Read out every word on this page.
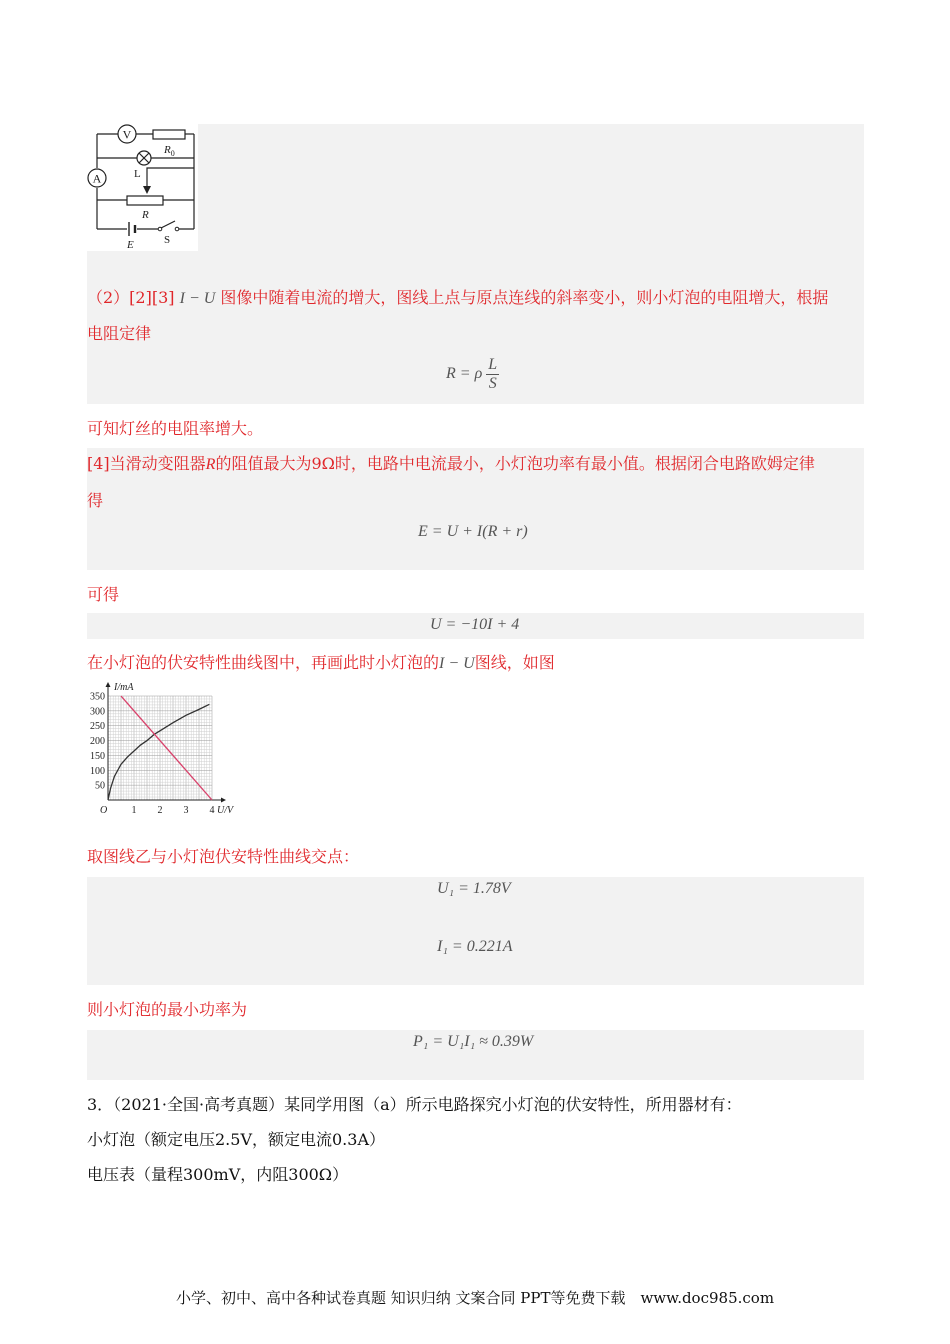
V
$R_0$
L
A
R
E	S
（2）[2][3] I − U 图像中随着电流的增大，图线上点与原点连线的斜率变小，则小灯泡的电阻增大，根据
电阻定律
R = ρ $\frac{L}{S}$
可知灯丝的电阻率增大。
[4]当滑动变阻器R的阻值最大为9Ω时，电路中电流最小，小灯泡功率有最小值。根据闭合电路欧姆定律
得
E = U + I(R + r)
可得
U = −10I + 4
在小灯泡的伏安特性曲线图中，再画此时小灯泡的I − U图线，如图
1 2 3 4
50
100
150
200
250
300
350
O	U/V
I/mA
取图线乙与小灯泡伏安特性曲线交点：
U₁ = 1.78V
I₁ = 0.221A
则小灯泡的最小功率为
P₁ = U₁I₁ ≈ 0.39W
3．（2021·全国·高考真题）某同学用图（a）所示电路探究小灯泡的伏安特性，所用器材有：
小灯泡（额定电压2.5V，额定电流0.3A）
电压表（量程300mV，内阻300Ω）
小学、初中、高中各种试卷真题 知识归纳 文案合同 PPT等免费下载　www.doc985.com
